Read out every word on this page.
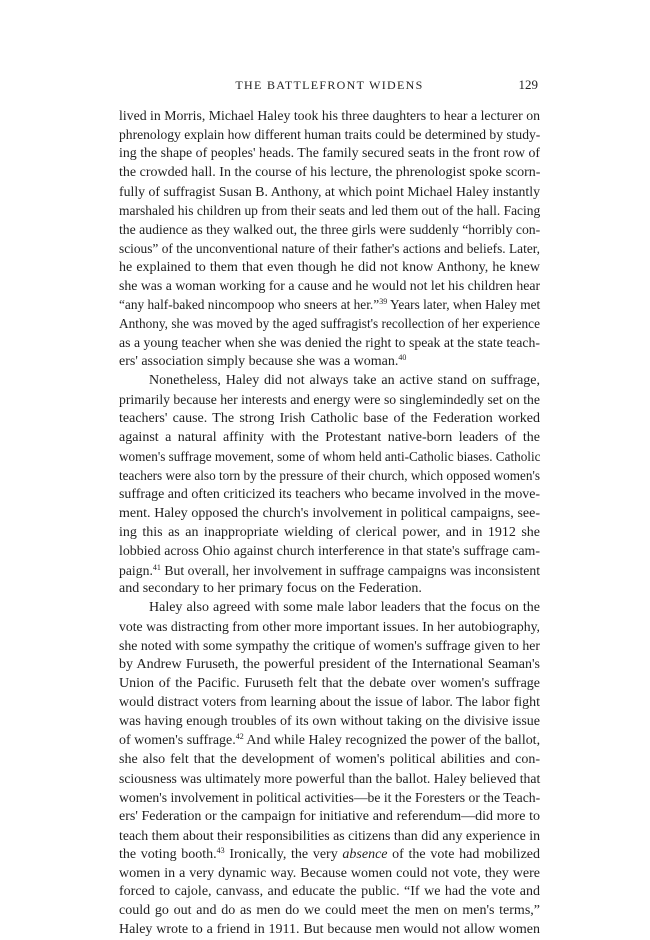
THE BATTLEFRONT WIDENS	129
lived in Morris, Michael Haley took his three daughters to hear a lecturer on
phrenology explain how different human traits could be determined by study-
ing the shape of peoples' heads. The family secured seats in the front row of
the crowded hall. In the course of his lecture, the phrenologist spoke scorn-
fully of suffragist Susan B. Anthony, at which point Michael Haley instantly
marshaled his children up from their seats and led them out of the hall. Facing
the audience as they walked out, the three girls were suddenly “horribly con-
scious” of the unconventional nature of their father's actions and beliefs. Later,
he explained to them that even though he did not know Anthony, he knew
she was a woman working for a cause and he would not let his children hear
“any half-baked nincompoop who sneers at her.”$^{39}$ Years later, when Haley met
Anthony, she was moved by the aged suffragist's recollection of her experience
as a young teacher when she was denied the right to speak at the state teach-
ers' association simply because she was a woman.$^{40}$
Nonetheless, Haley did not always take an active stand on suffrage,
primarily because her interests and energy were so singlemindedly set on the
teachers' cause. The strong Irish Catholic base of the Federation worked
against a natural affinity with the Protestant native-born leaders of the
women's suffrage movement, some of whom held anti-Catholic biases. Catholic
teachers were also torn by the pressure of their church, which opposed women's
suffrage and often criticized its teachers who became involved in the move-
ment. Haley opposed the church's involvement in political campaigns, see-
ing this as an inappropriate wielding of clerical power, and in 1912 she
lobbied across Ohio against church interference in that state's suffrage cam-
paign.$^{41}$ But overall, her involvement in suffrage campaigns was inconsistent
and secondary to her primary focus on the Federation.
Haley also agreed with some male labor leaders that the focus on the
vote was distracting from other more important issues. In her autobiography,
she noted with some sympathy the critique of women's suffrage given to her
by Andrew Furuseth, the powerful president of the International Seaman's
Union of the Pacific. Furuseth felt that the debate over women's suffrage
would distract voters from learning about the issue of labor. The labor fight
was having enough troubles of its own without taking on the divisive issue
of women's suffrage.$^{42}$ And while Haley recognized the power of the ballot,
she also felt that the development of women's political abilities and con-
sciousness was ultimately more powerful than the ballot. Haley believed that
women's involvement in political activities—be it the Foresters or the Teach-
ers' Federation or the campaign for initiative and referendum—did more to
teach them about their responsibilities as citizens than did any experience in
the voting booth.$^{43}$ Ironically, the very absence of the vote had mobilized
women in a very dynamic way. Because women could not vote, they were
forced to cajole, canvass, and educate the public. “If we had the vote and
could go out and do as men do we could meet the men on men's terms,”
Haley wrote to a friend in 1911. But because men would not allow women
